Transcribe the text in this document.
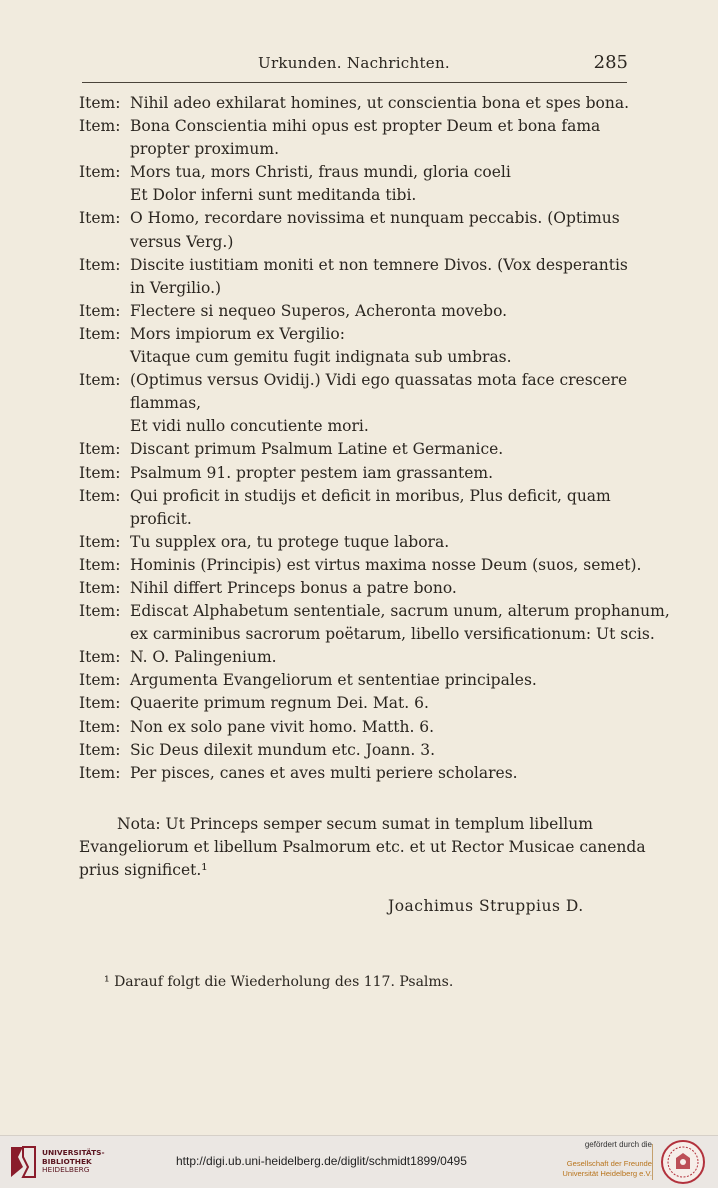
Urkunden. Nachrichten.	285
Item: Nihil adeo exhilarat homines, ut conscientia bona et spes bona.
Item: Bona Conscientia mihi opus est propter Deum et bona fama
propter proximum.
Item: Mors tua, mors Christi, fraus mundi, gloria coeli
Et Dolor inferni sunt meditanda tibi.
Item: O Homo, recordare novissima et nunquam peccabis. (Optimus
versus Verg.)
Item: Discite iustitiam moniti et non temnere Divos. (Vox desperantis
in Vergilio.)
Item: Flectere si nequeo Superos, Acheronta movebo.
Item: Mors impiorum ex Vergilio:
Vitaque cum gemitu fugit indignata sub umbras.
Item: (Optimus versus Ovidij.) Vidi ego quassatas mota face crescere
flammas,
Et vidi nullo concutiente mori.
Item: Discant primum Psalmum Latine et Germanice.
Item: Psalmum 91. propter pestem iam grassantem.
Item: Qui proficit in studijs et deficit in moribus, Plus deficit, quam
proficit.
Item: Tu supplex ora, tu protege tuque labora.
Item: Hominis (Principis) est virtus maxima nosse Deum (suos, semet).
Item: Nihil differt Princeps bonus a patre bono.
Item: Ediscat Alphabetum sententiale, sacrum unum, alterum prophanum,
ex carminibus sacrorum poëtarum, libello versificationum: Ut scis.
Item: N. O. Palingenium.
Item: Argumenta Evangeliorum et sententiae principales.
Item: Quaerite primum regnum Dei. Mat. 6.
Item: Non ex solo pane vivit homo. Matth. 6.
Item: Sic Deus dilexit mundum etc. Joann. 3.
Item: Per pisces, canes et aves multi periere scholares.
Nota: Ut Princeps semper secum sumat in templum libellum
Evangeliorum et libellum Psalmorum etc. et ut Rector Musicae canenda
prius significet.¹
Joachimus Struppius D.
¹ Darauf folgt die Wiederholung des 117. Psalms.
UNIVERSITÄTS-
BIBLIOTHEK
HEIDELBERG
http://digi.ub.uni-heidelberg.de/diglit/schmidt1899/0495
gefördert durch die
Gesellschaft der Freunde
Universität Heidelberg e.V.
